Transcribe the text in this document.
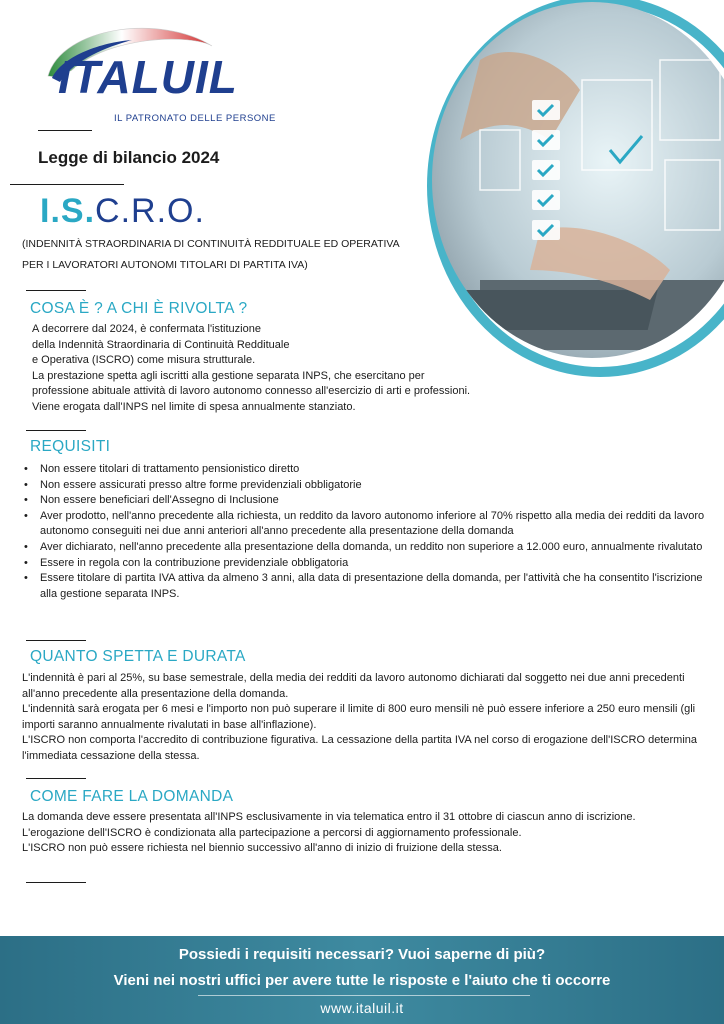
ITALUIL
IL PATRONATO DELLE PERSONE
Legge di bilancio 2024
I.S.C.R.O.
(INDENNITÀ STRAORDINARIA DI CONTINUITÀ REDDITUALE ED OPERATIVA
PER I LAVORATORI AUTONOMI TITOLARI DI PARTITA IVA)
COSA È ? A CHI È RIVOLTA ?
A decorrere dal 2024, è confermata l'istituzione
della Indennità Straordinaria di Continuità Reddituale
e Operativa (ISCRO) come misura strutturale.
La prestazione spetta agli iscritti alla gestione separata INPS, che esercitano per
professione abituale attività di lavoro autonomo connesso all'esercizio di arti e professioni.
Viene erogata dall'INPS nel limite di spesa annualmente stanziato.
REQUISITI
• Non essere titolari di trattamento pensionistico diretto
• Non essere assicurati presso altre forme previdenziali obbligatorie
• Non essere beneficiari dell'Assegno di Inclusione
• Aver prodotto, nell'anno precedente alla richiesta, un reddito da lavoro autonomo inferiore al 70% rispetto alla media dei redditi da lavoro autonomo conseguiti nei due anni anteriori all'anno precedente alla presentazione della domanda
• Aver dichiarato, nell'anno precedente alla presentazione della domanda, un reddito non superiore a 12.000 euro, annualmente rivalutato
• Essere in regola con la contribuzione previdenziale obbligatoria
• Essere titolare di partita IVA attiva da almeno 3 anni, alla data di presentazione della domanda, per l'attività che ha consentito l'iscrizione alla gestione separata INPS.
QUANTO SPETTA E DURATA
L'indennità è pari al 25%, su base semestrale, della media dei redditi da lavoro autonomo dichiarati dal soggetto nei due anni precedenti all'anno precedente alla presentazione della domanda.
L'indennità sarà erogata per 6 mesi e l'importo non può superare il limite di 800 euro mensili nè può essere inferiore a 250 euro mensili (gli importi saranno annualmente rivalutati in base all'inflazione).
L'ISCRO non comporta l'accredito di contribuzione figurativa. La cessazione della partita IVA nel corso di erogazione dell'ISCRO determina l'immediata cessazione della stessa.
COME FARE LA DOMANDA
La domanda deve essere presentata all'INPS esclusivamente in via telematica entro il 31 ottobre di ciascun anno di iscrizione.
L'erogazione dell'ISCRO è condizionata alla partecipazione a percorsi di aggiornamento professionale.
L'ISCRO non può essere richiesta nel biennio successivo all'anno di inizio di fruizione della stessa.
Possiedi i requisiti necessari? Vuoi saperne di più?
Vieni nei nostri uffici per avere tutte le risposte e l'aiuto che ti occorre
www.italuil.it
